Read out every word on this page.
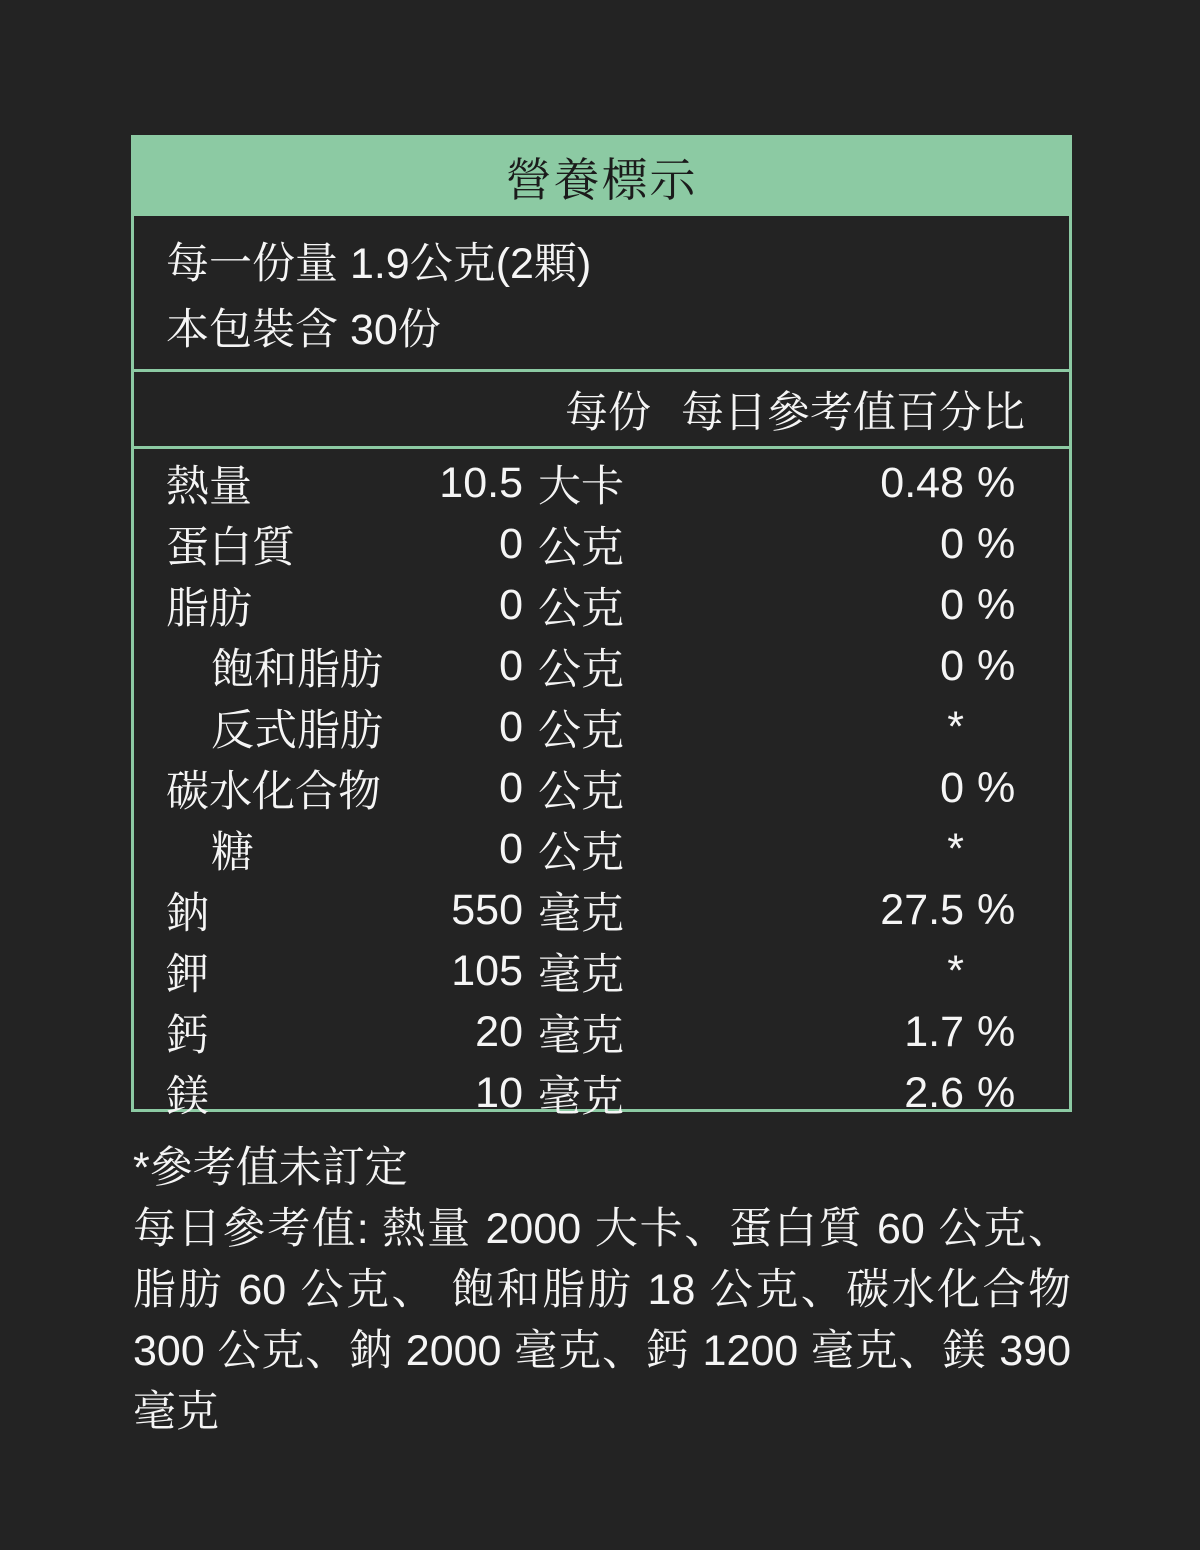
營養標示
每一份量 1.9公克(2顆)
本包裝含 30份
每份 每日參考值百分比
熱量	10.5 大卡	0.48 %
蛋白質	0 公克	0 %
脂肪	0 公克	0 %
飽和脂肪	0 公克	0 %
反式脂肪	0 公克	*
碳水化合物	0 公克	0 %
糖	0 公克	*
鈉	550 毫克	27.5 %
鉀	105 毫克	*
鈣	20 毫克	1.7 %
鎂	10 毫克	2.6 %

*參考值未訂定

每日參考值: 熱量 2000 大卡、蛋白質 60 公克、脂肪 60 公克、 飽和脂肪 18 公克、碳水化合物 300 公克、鈉 2000 毫克、鈣 1200 毫克、鎂 390 毫克
